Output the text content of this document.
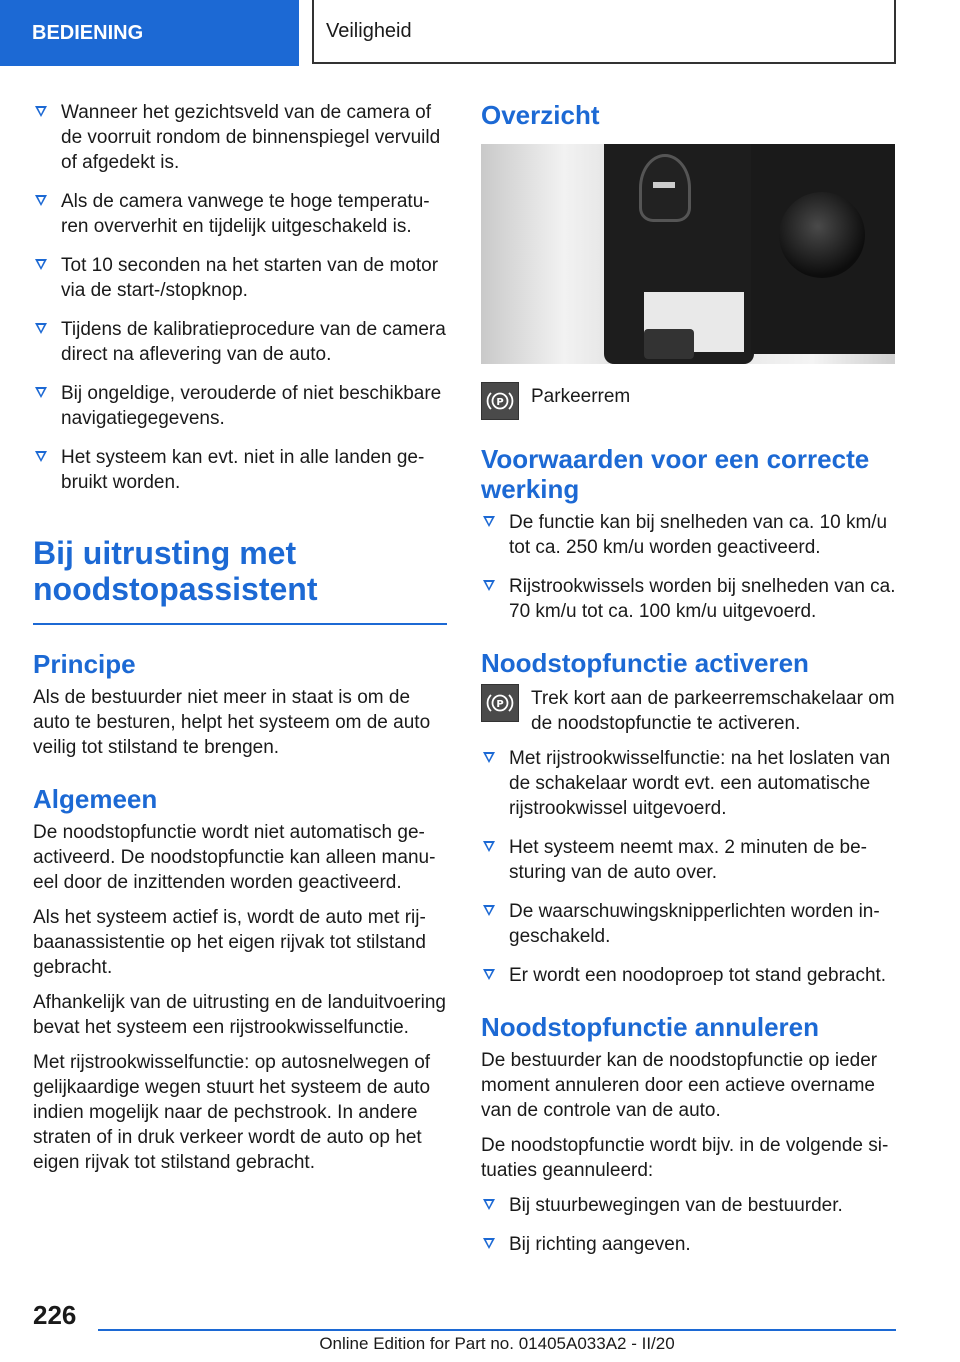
BEDIENING	Veiligheid
Wanneer het gezichtsveld van de camera of de voorruit rondom de binnenspiegel vervuild of afgedekt is.
Als de camera vanwege te hoge temperatu‐ren oververhit en tijdelijk uitgeschakeld is.
Tot 10 seconden na het starten van de motor via de start-/stopknop.
Tijdens de kalibratieprocedure van de camera direct na aflevering van de auto.
Bij ongeldige, verouderde of niet beschikbare navigatiegegevens.
Het systeem kan evt. niet in alle landen ge‐bruikt worden.
Bij uitrusting met noodstopassistent
Principe

Als de bestuurder niet meer in staat is om de auto te besturen, helpt het systeem om de auto veilig tot stilstand te brengen.

Algemeen

De noodstopfunctie wordt niet automatisch ge‐activeerd. De noodstopfunctie kan alleen manu‐eel door de inzittenden worden geactiveerd.

Als het systeem actief is, wordt de auto met rij‐baanassistentie op het eigen rijvak tot stilstand gebracht.

Afhankelijk van de uitrusting en de landuitvoering bevat het systeem een rijstrookwisselfunctie.

Met rijstrookwisselfunctie: op autosnelwegen of gelijkaardige wegen stuurt het systeem de auto indien mogelijk naar de pechstrook. In andere straten of in druk verkeer wordt de auto op het eigen rijvak tot stilstand gebracht.

Overzicht
P Parkeerrem
Voorwaarden voor een correcte werking
De functie kan bij snelheden van ca. 10 km/u tot ca. 250 km/u worden geactiveerd.
Rijstrookwissels worden bij snelheden van ca. 70 km/u tot ca. 100 km/u uitgevoerd.
Noodstopfunctie activeren
P Trek kort aan de parkeerremschakelaar om de noodstopfunctie te activeren.
Met rijstrookwisselfunctie: na het loslaten van de schakelaar wordt evt. een automatische rijstrookwissel uitgevoerd.
Het systeem neemt max. 2 minuten de be‐sturing van de auto over.
De waarschuwingsknipperlichten worden in‐geschakeld.
Er wordt een noodoproep tot stand gebracht.
Noodstopfunctie annuleren

De bestuurder kan de noodstopfunctie op ieder moment annuleren door een actieve overname van de controle van de auto.

De noodstopfunctie wordt bijv. in de volgende si‐tuaties geannuleerd:

Bij stuurbewegingen van de bestuurder.
Bij richting aangeven.
226
Online Edition for Part no. 01405A033A2 - II/20
